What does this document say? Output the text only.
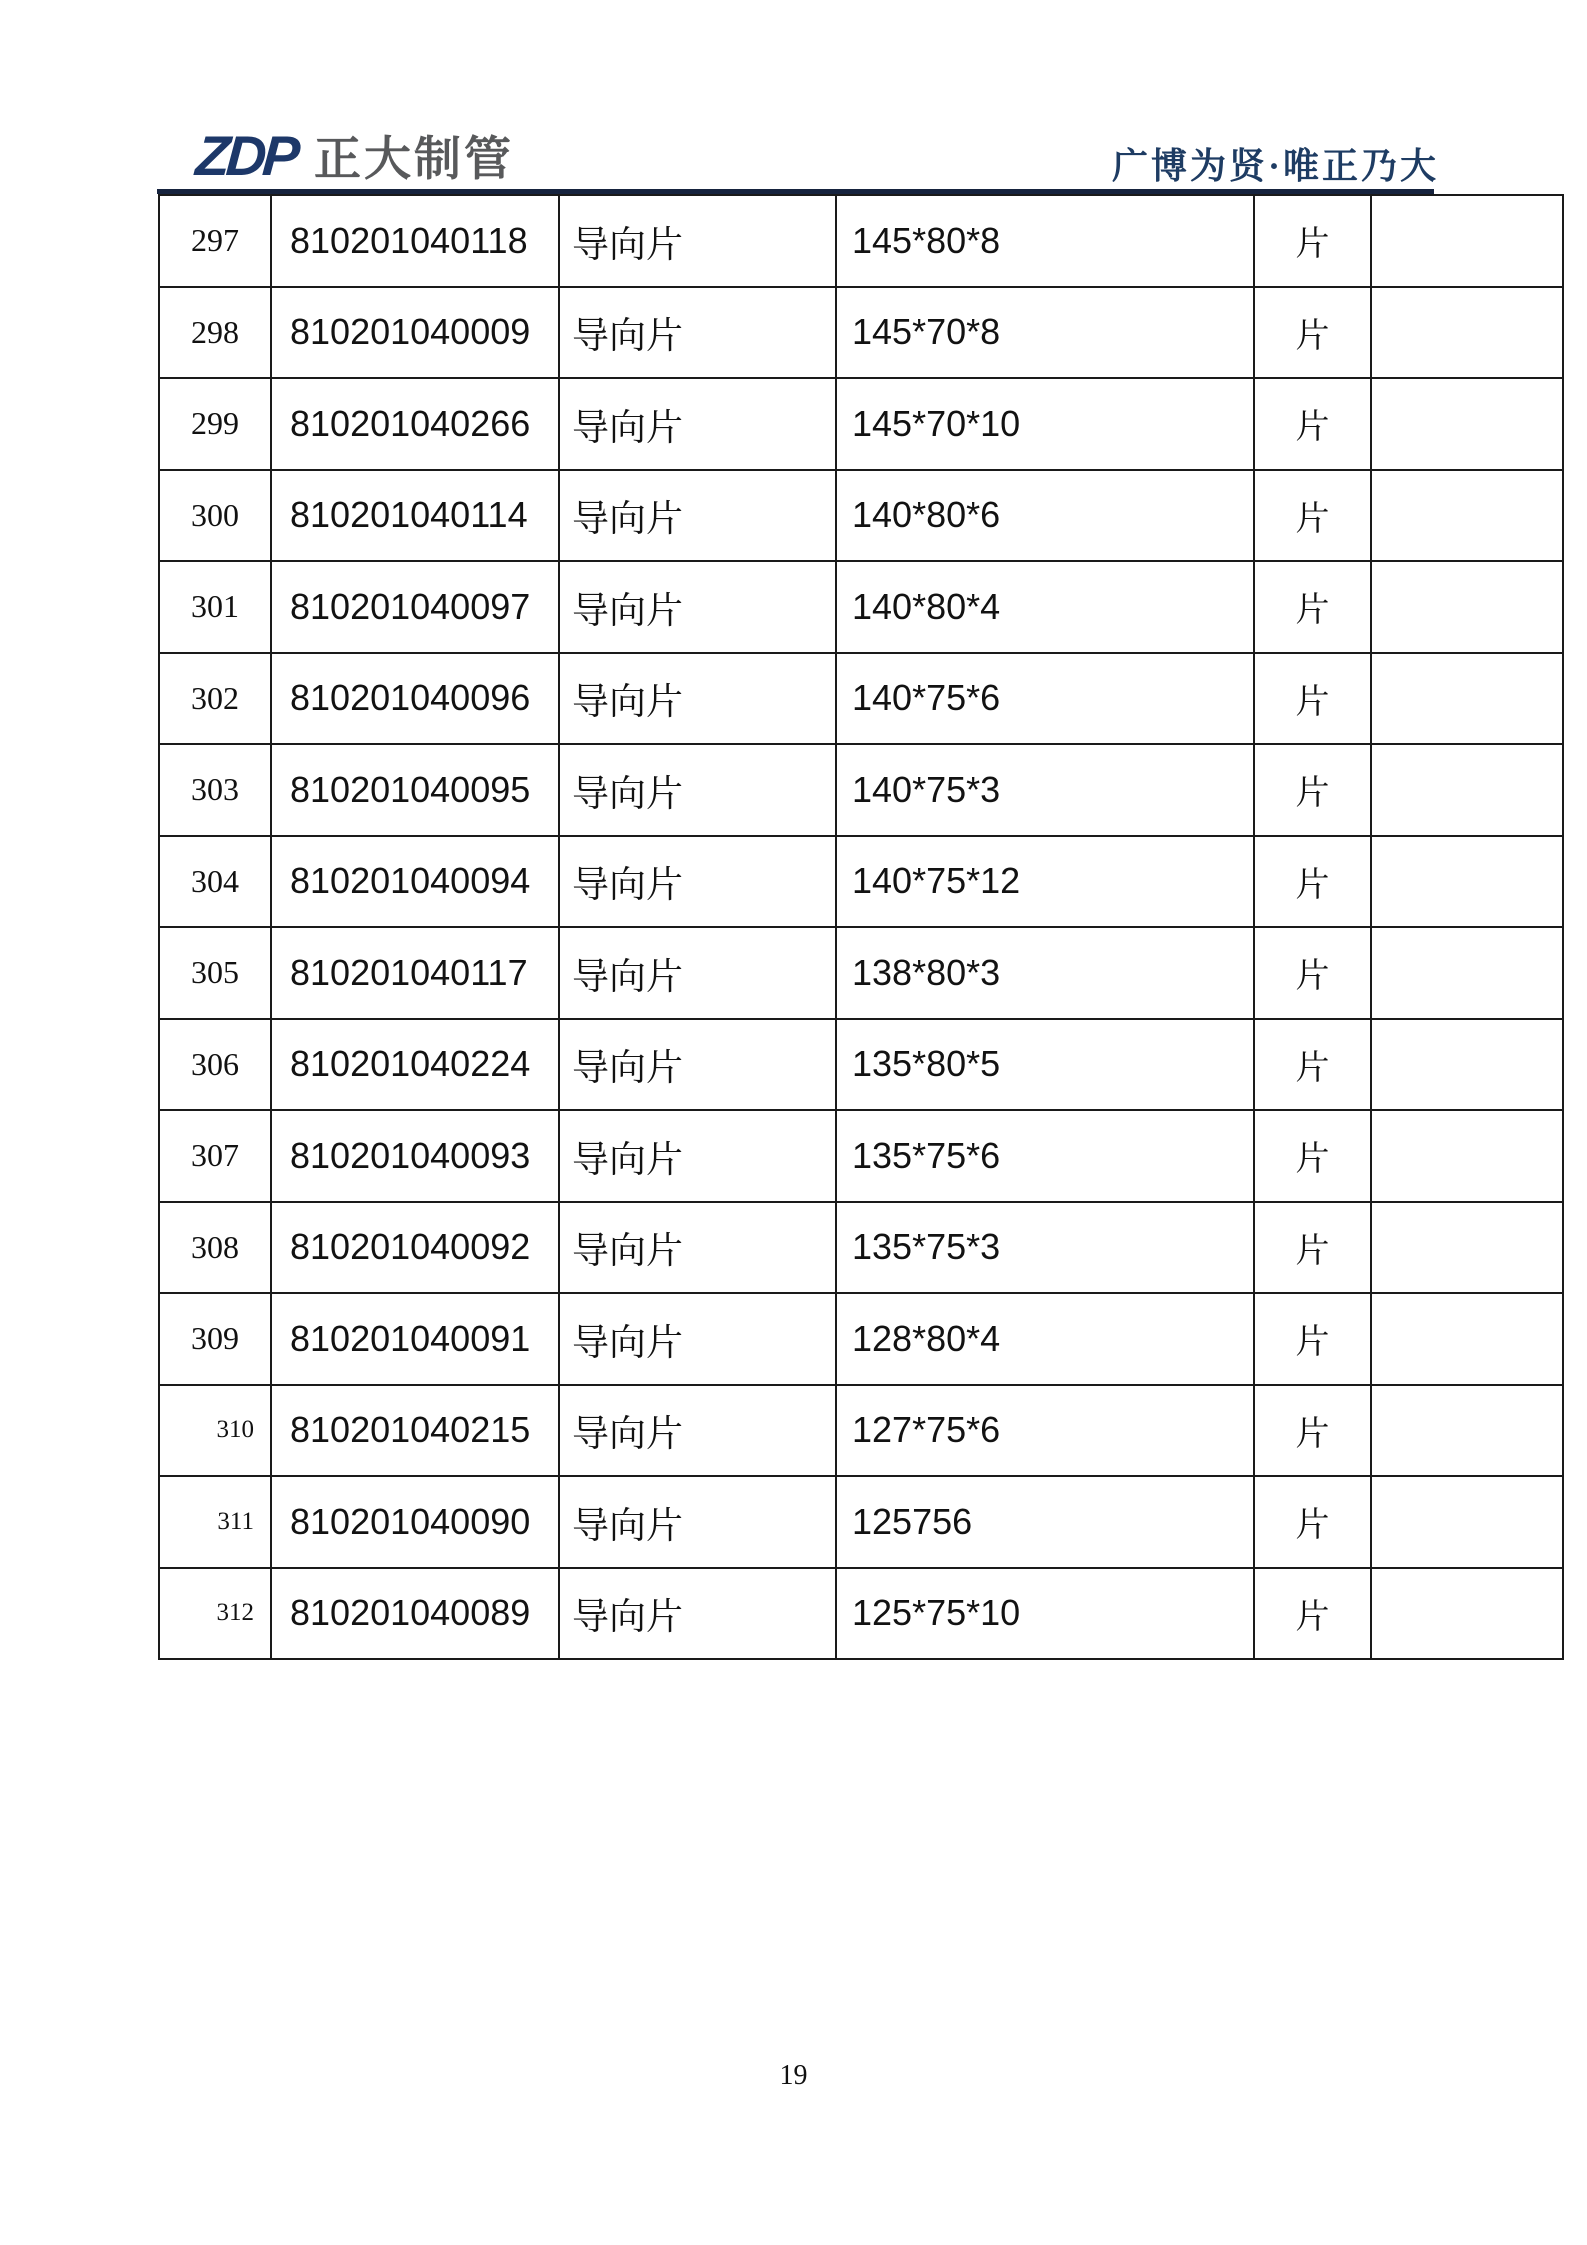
ZDP 正大制管	广博为贤·唯正乃大
297	810201040118	导向片	145*80*8	片	
298	810201040009	导向片	145*70*8	片	
299	810201040266	导向片	145*70*10	片	
300	810201040114	导向片	140*80*6	片	
301	810201040097	导向片	140*80*4	片	
302	810201040096	导向片	140*75*6	片	
303	810201040095	导向片	140*75*3	片	
304	810201040094	导向片	140*75*12	片	
305	810201040117	导向片	138*80*3	片	
306	810201040224	导向片	135*80*5	片	
307	810201040093	导向片	135*75*6	片	
308	810201040092	导向片	135*75*3	片	
309	810201040091	导向片	128*80*4	片	
310	810201040215	导向片	127*75*6	片	
311	810201040090	导向片	125756	片	
312	810201040089	导向片	125*75*10	片	
19
